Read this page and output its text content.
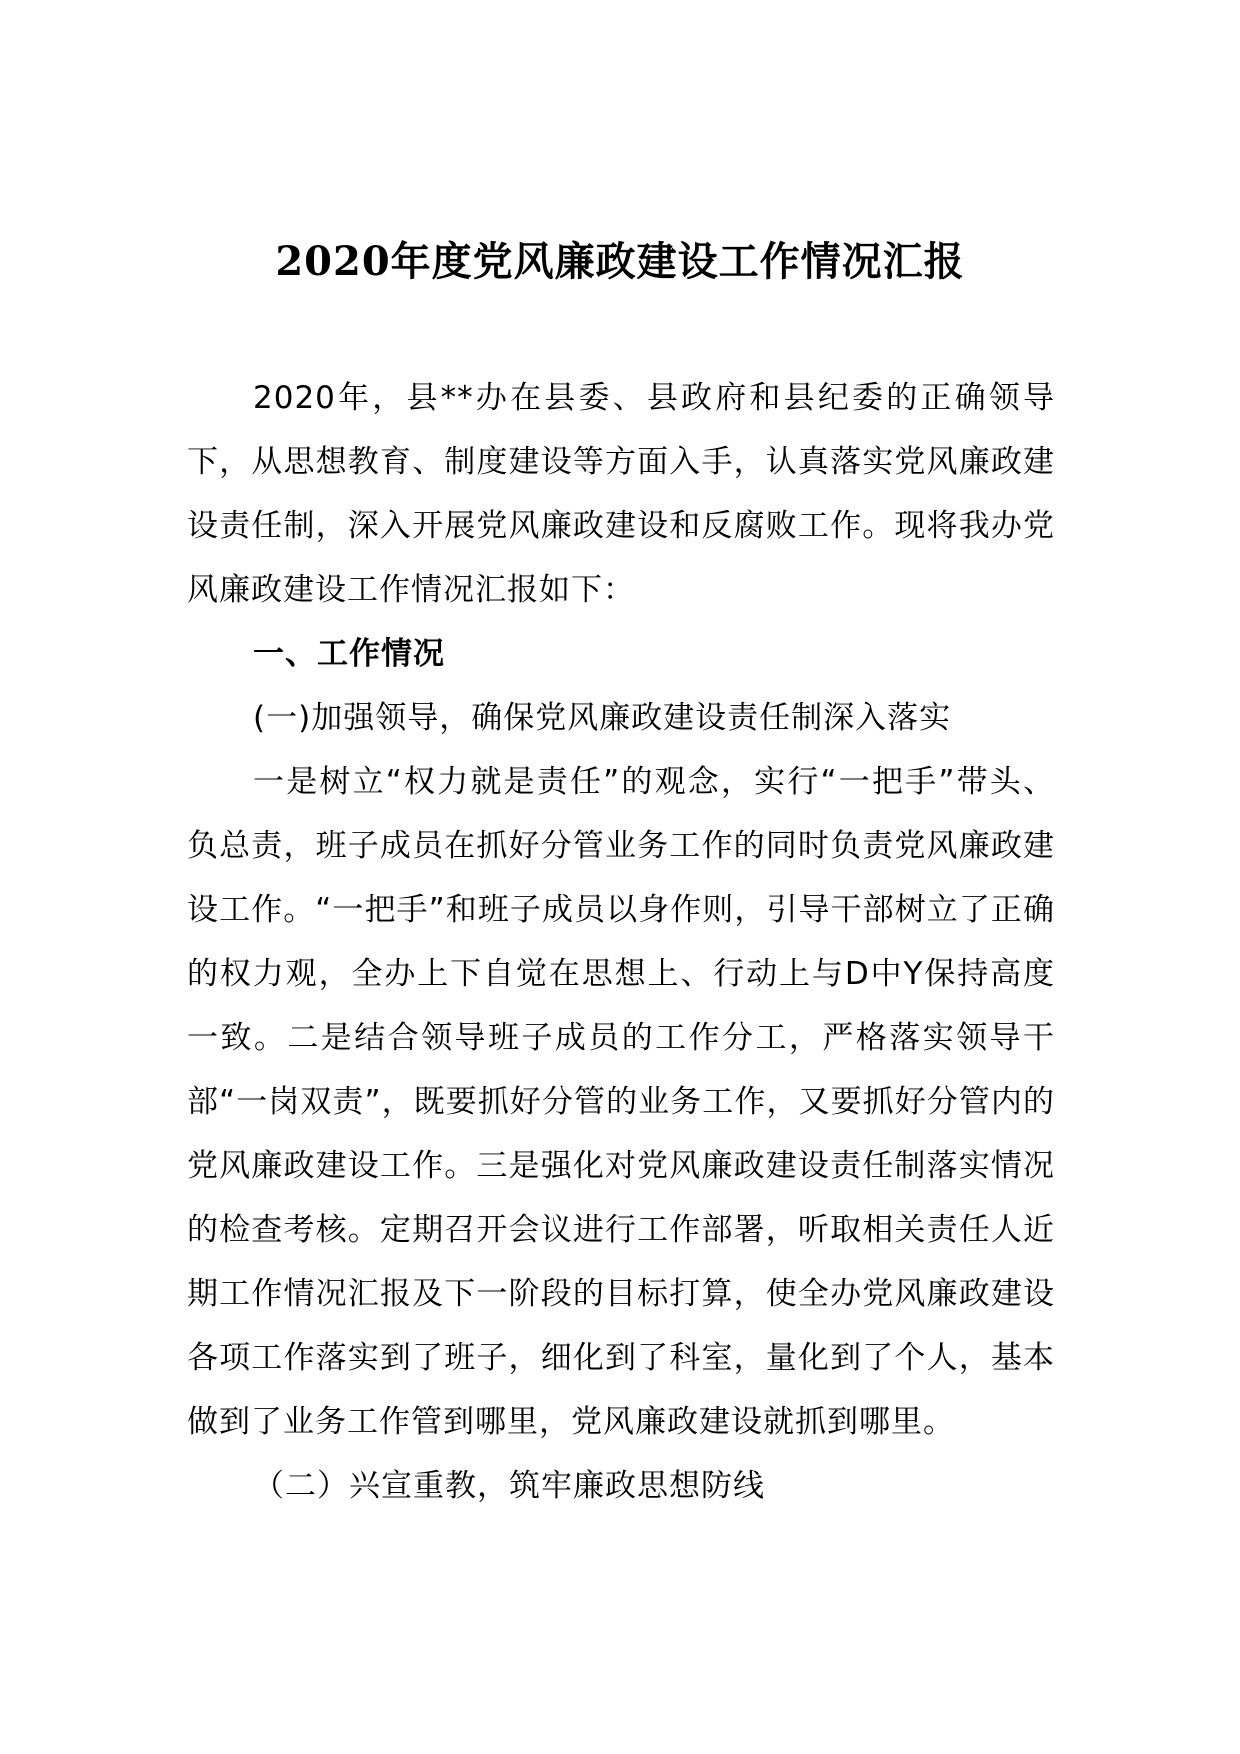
2020年度党风廉政建设工作情况汇报

2020年，县**办在县委、县政府和县纪委的正确领导下，从思想教育、制度建设等方面入手，认真落实党风廉政建设责任制，深入开展党风廉政建设和反腐败工作。现将我办党风廉政建设工作情况汇报如下：

一、工作情况

(一)加强领导，确保党风廉政建设责任制深入落实

一是树立“权力就是责任”的观念，实行“一把手”带头、负总责，班子成员在抓好分管业务工作的同时负责党风廉政建设工作。“一把手”和班子成员以身作则，引导干部树立了正确的权力观，全办上下自觉在思想上、行动上与D中Y保持高度一致。二是结合领导班子成员的工作分工，严格落实领导干部“一岗双责”，既要抓好分管的业务工作，又要抓好分管内的党风廉政建设工作。三是强化对党风廉政建设责任制落实情况的检查考核。定期召开会议进行工作部署，听取相关责任人近期工作情况汇报及下一阶段的目标打算，使全办党风廉政建设各项工作落实到了班子，细化到了科室，量化到了个人，基本做到了业务工作管到哪里，党风廉政建设就抓到哪里。

（二）兴宣重教，筑牢廉政思想防线
